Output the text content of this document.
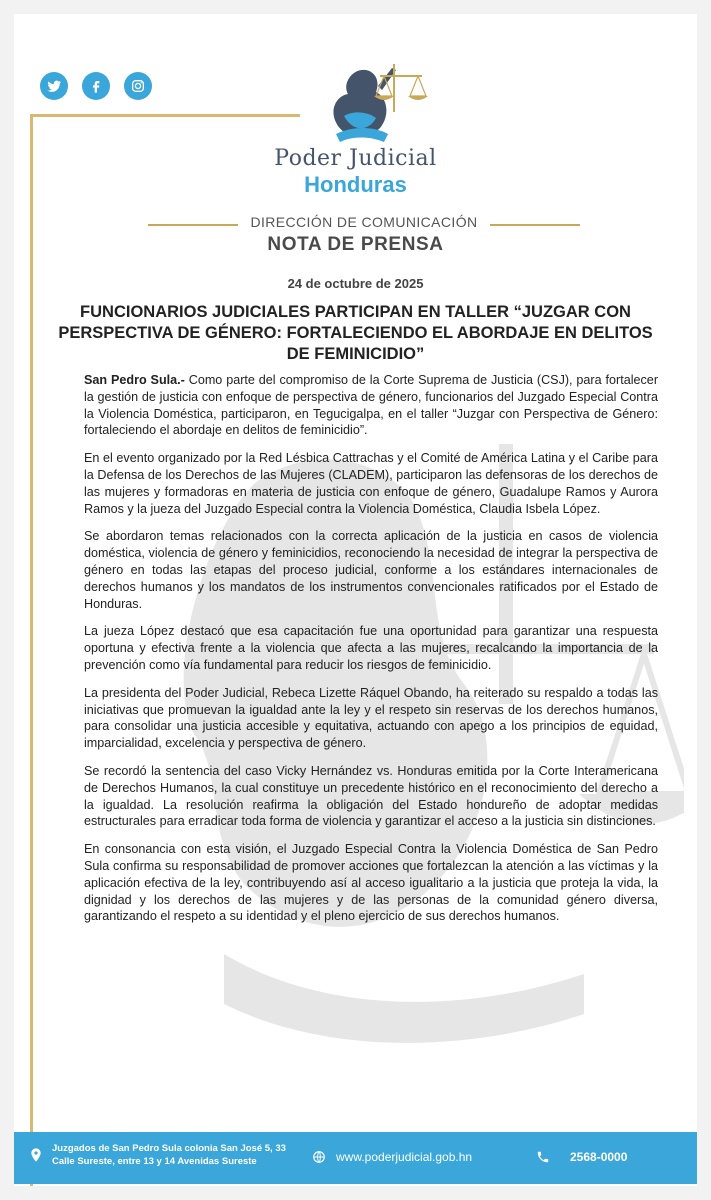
Poder Judicial
Honduras
DIRECCIÓN DE COMUNICACIÓN
NOTA DE PRENSA
24 de octubre de 2025
FUNCIONARIOS JUDICIALES PARTICIPAN EN TALLER “JUZGAR CON PERSPECTIVA DE GÉNERO: FORTALECIENDO EL ABORDAJE EN DELITOS DE FEMINICIDIO”

San Pedro Sula.- Como parte del compromiso de la Corte Suprema de Justicia (CSJ), para fortalecer la gestión de justicia con enfoque de perspectiva de género, funcionarios del Juzgado Especial Contra la Violencia Doméstica, participaron, en Tegucigalpa, en el taller “Juzgar con Perspectiva de Género: fortaleciendo el abordaje en delitos de feminicidio”.

En el evento organizado por la Red Lésbica Cattrachas y el Comité de América Latina y el Caribe para la Defensa de los Derechos de las Mujeres (CLADEM), participaron las defensoras de los derechos de las mujeres y formadoras en materia de justicia con enfoque de género, Guadalupe Ramos y Aurora Ramos y la jueza del Juzgado Especial contra la Violencia Doméstica, Claudia Isbela López.

Se abordaron temas relacionados con la correcta aplicación de la justicia en casos de violencia doméstica, violencia de género y feminicidios, reconociendo la necesidad de integrar la perspectiva de género en todas las etapas del proceso judicial, conforme a los estándares internacionales de derechos humanos y los mandatos de los instrumentos convencionales ratificados por el Estado de Honduras.

La jueza López destacó que esa capacitación fue una oportunidad para garantizar una respuesta oportuna y efectiva frente a la violencia que afecta a las mujeres, recalcando la importancia de la prevención como vía fundamental para reducir los riesgos de feminicidio.

La presidenta del Poder Judicial, Rebeca Lizette Ráquel Obando, ha reiterado su respaldo a todas las iniciativas que promuevan la igualdad ante la ley y el respeto sin reservas de los derechos humanos, para consolidar una justicia accesible y equitativa, actuando con apego a los principios de equidad, imparcialidad, excelencia y perspectiva de género.

Se recordó la sentencia del caso Vicky Hernández vs. Honduras emitida por la Corte Interamericana de Derechos Humanos, la cual constituye un precedente histórico en el reconocimiento del derecho a la igualdad. La resolución reafirma la obligación del Estado hondureño de adoptar medidas estructurales para erradicar toda forma de violencia y garantizar el acceso a la justicia sin distinciones.

En consonancia con esta visión, el Juzgado Especial Contra la Violencia Doméstica de San Pedro Sula confirma su responsabilidad de promover acciones que fortalezcan la atención a las víctimas y la aplicación efectiva de la ley, contribuyendo así al acceso igualitario a la justicia que proteja la vida, la dignidad y los derechos de las mujeres y de las personas de la comunidad género diversa, garantizando el respeto a su identidad y el pleno ejercicio de sus derechos humanos.

Juzgados de San Pedro Sula colonia San José 5, 33
Calle Sureste, entre 13 y 14 Avenidas Sureste	www.poderjudicial.gob.hn	2568-0000
